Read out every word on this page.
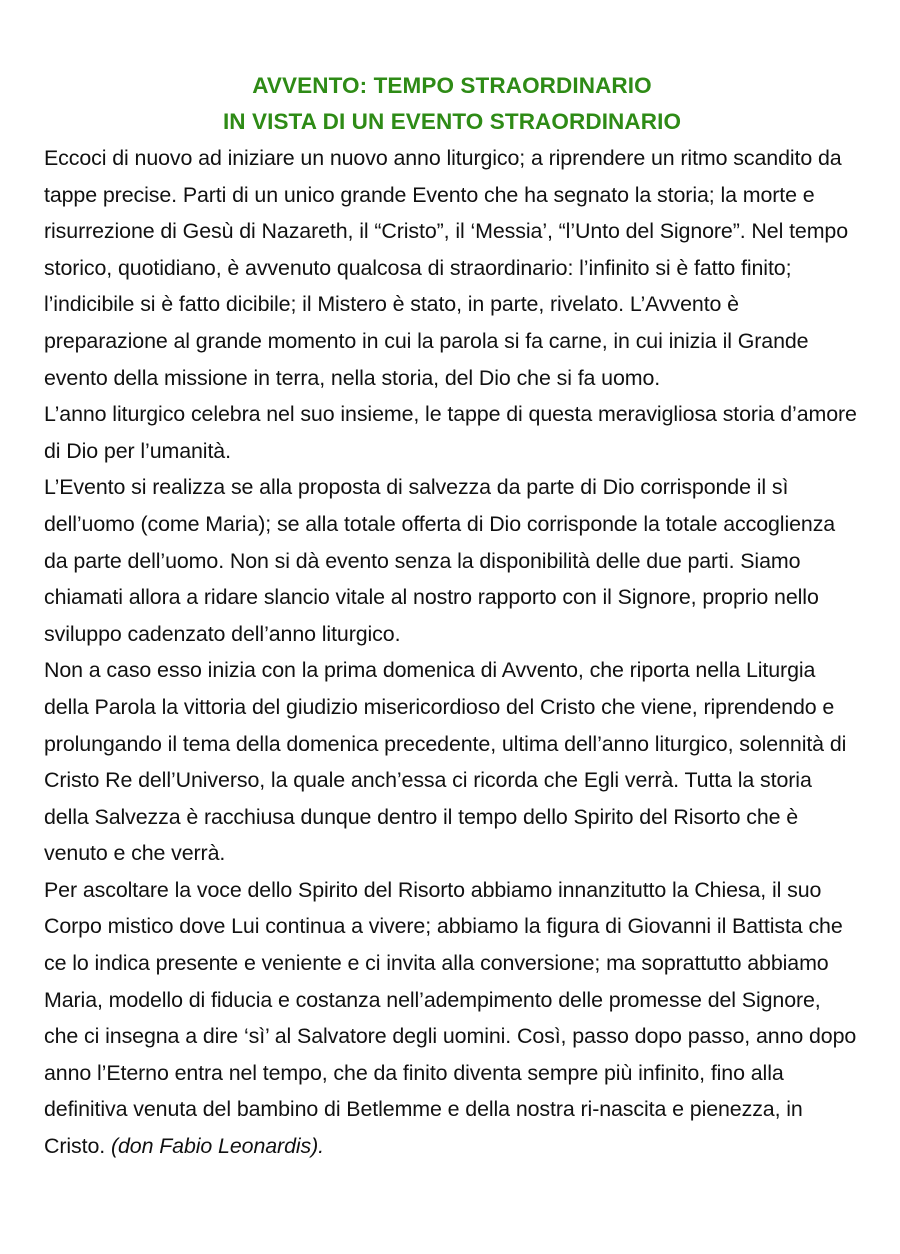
AVVENTO: TEMPO STRAORDINARIO
IN VISTA DI UN EVENTO STRAORDINARIO

Eccoci di nuovo ad iniziare un nuovo anno liturgico; a riprendere un ritmo scandito da tappe precise. Parti di un unico grande Evento che ha segnato la storia; la morte e risurrezione di Gesù di Nazareth, il “Cristo”, il ‘Messia’, “l’Unto del Signore”. Nel tempo storico, quotidiano, è avvenuto qualcosa di straordinario: l’infinito si è fatto finito; l’indicibile si è fatto dicibile; il Mistero è stato, in parte, rivelato. L’Avvento è preparazione al grande momento in cui la parola si fa carne, in cui inizia il Grande evento della missione in terra, nella storia, del Dio che si fa uomo.

L’anno liturgico celebra nel suo insieme, le tappe di questa meravigliosa storia d’amore di Dio per l’umanità.

L’Evento si realizza se alla proposta di salvezza da parte di Dio corrisponde il sì dell’uomo (come Maria); se alla totale offerta di Dio corrisponde la totale accoglienza da parte dell’uomo. Non si dà evento senza la disponibilità delle due parti. Siamo chiamati allora a ridare slancio vitale al nostro rapporto con il Signore, proprio nello sviluppo cadenzato dell’anno liturgico.

Non a caso esso inizia con la prima domenica di Avvento, che riporta nella Liturgia della Parola la vittoria del giudizio misericordioso del Cristo che viene, riprendendo e prolungando il tema della domenica precedente, ultima dell’anno liturgico, solennità di Cristo Re dell’Universo, la quale anch’essa ci ricorda che Egli verrà. Tutta la storia della Salvezza è racchiusa dunque dentro il tempo dello Spirito del Risorto che è venuto e che verrà.

Per ascoltare la voce dello Spirito del Risorto abbiamo innanzitutto la Chiesa, il suo Corpo mistico dove Lui continua a vivere; abbiamo la figura di Giovanni il Battista che ce lo indica presente e veniente e ci invita alla conversione; ma soprattutto abbiamo Maria, modello di fiducia e costanza nell’adempimento delle promesse del Signore, che ci insegna a dire ‘sì’ al Salvatore degli uomini. Così, passo dopo passo, anno dopo anno l’Eterno entra nel tempo, che da finito diventa sempre più infinito, fino alla definitiva venuta del bambino di Betlemme e della nostra ri-nascita e pienezza, in Cristo. (don Fabio Leonardis).
